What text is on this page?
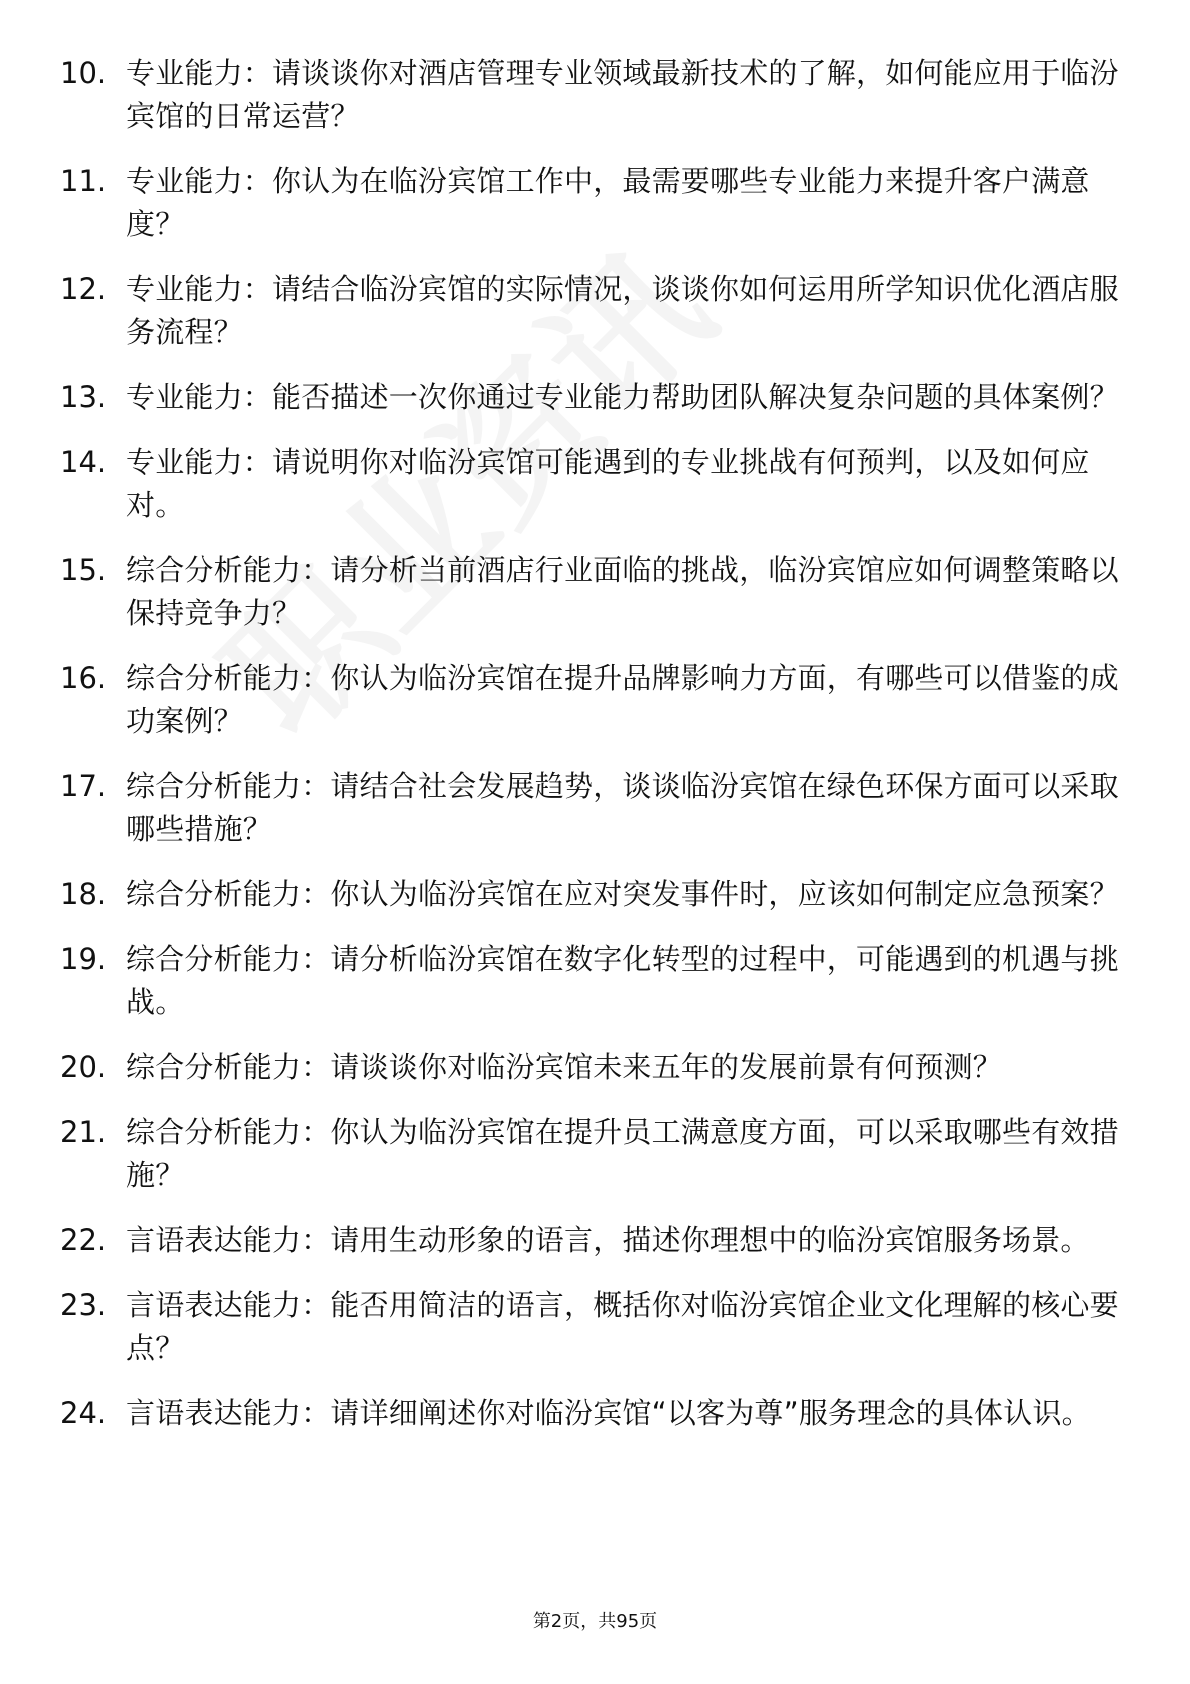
10. 专业能力：请谈谈你对酒店管理专业领域最新技术的了解，如何能应用于临汾宾馆的日常运营？
11. 专业能力：你认为在临汾宾馆工作中，最需要哪些专业能力来提升客户满意度？
12. 专业能力：请结合临汾宾馆的实际情况，谈谈你如何运用所学知识优化酒店服务流程？
13. 专业能力：能否描述一次你通过专业能力帮助团队解决复杂问题的具体案例？
14. 专业能力：请说明你对临汾宾馆可能遇到的专业挑战有何预判，以及如何应对。
15. 综合分析能力：请分析当前酒店行业面临的挑战，临汾宾馆应如何调整策略以保持竞争力？
16. 综合分析能力：你认为临汾宾馆在提升品牌影响力方面，有哪些可以借鉴的成功案例？
17. 综合分析能力：请结合社会发展趋势，谈谈临汾宾馆在绿色环保方面可以采取哪些措施？
18. 综合分析能力：你认为临汾宾馆在应对突发事件时，应该如何制定应急预案？
19. 综合分析能力：请分析临汾宾馆在数字化转型的过程中，可能遇到的机遇与挑战。
20. 综合分析能力：请谈谈你对临汾宾馆未来五年的发展前景有何预测？
21. 综合分析能力：你认为临汾宾馆在提升员工满意度方面，可以采取哪些有效措施？
22. 言语表达能力：请用生动形象的语言，描述你理想中的临汾宾馆服务场景。
23. 言语表达能力：能否用简洁的语言，概括你对临汾宾馆企业文化理解的核心要点？
24. 言语表达能力：请详细阐述你对临汾宾馆“以客为尊”服务理念的具体认识。
第2页，共95页
